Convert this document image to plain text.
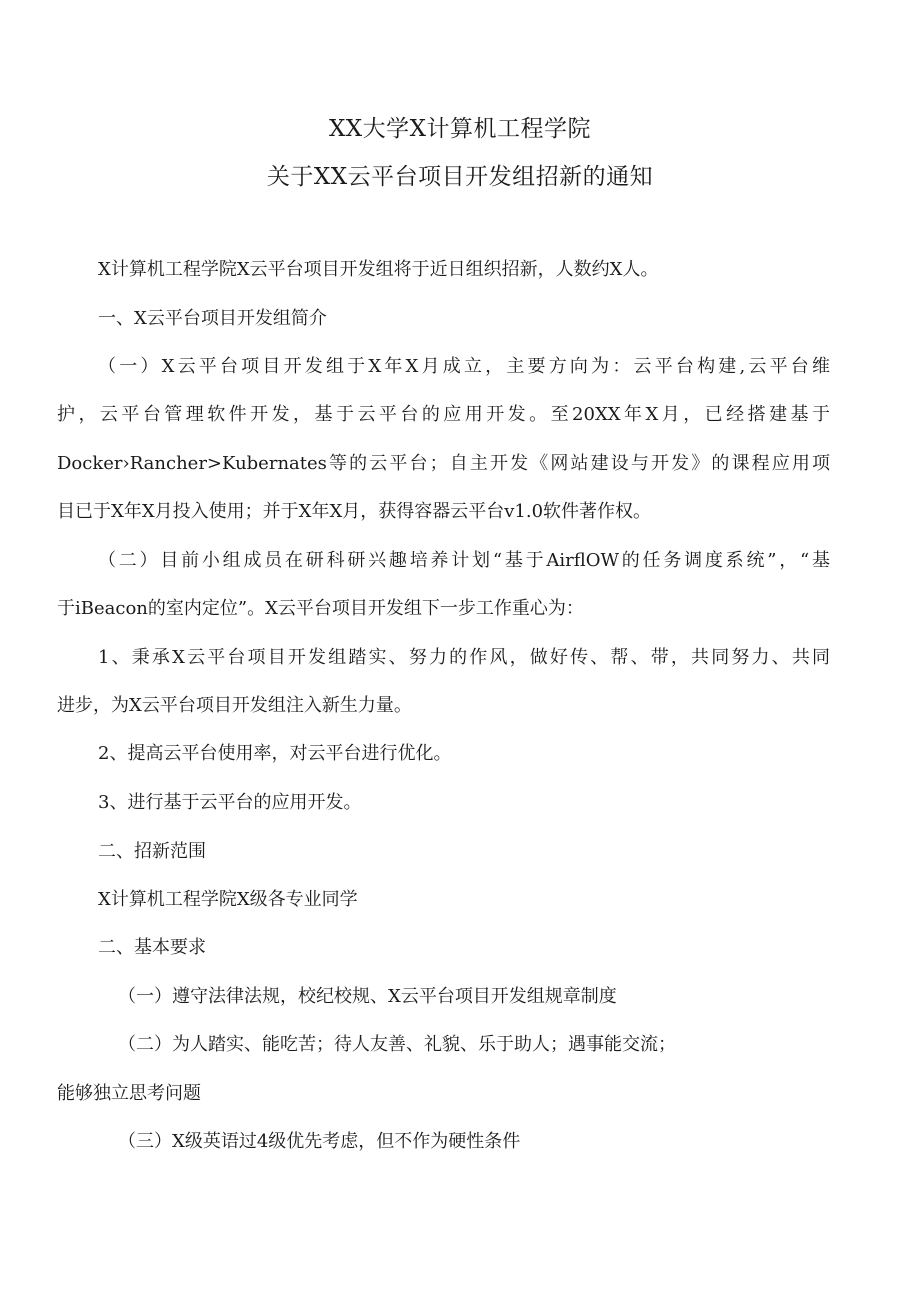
XX大学X计算机工程学院
关于XX云平台项目开发组招新的通知
X计算机工程学院X云平台项目开发组将于近日组织招新，人数约X人。
一、X云平台项目开发组简介
（一）X云平台项目开发组于X年X月成立，主要方向为：云平台构建,云平台维
护，云平台管理软件开发，基于云平台的应用开发。至20XX年X月，已经搭建基于
Docker›Rancher>Kubernates等的云平台；自主开发《网站建设与开发》的课程应用项
目已于X年X月投入使用；并于X年X月，获得容器云平台v1.0软件著作权。
（二）目前小组成员在研科研兴趣培养计划“基于AirflOW的任务调度系统”，“基
于iBeacon的室内定位”。X云平台项目开发组下一步工作重心为：
1、秉承X云平台项目开发组踏实、努力的作风，做好传、帮、带，共同努力、共同
进步，为X云平台项目开发组注入新生力量。
2、提高云平台使用率，对云平台进行优化。
3、进行基于云平台的应用开发。
二、招新范围
X计算机工程学院X级各专业同学
二、基本要求
（一）遵守法律法规，校纪校规、X云平台项目开发组规章制度
（二）为人踏实、能吃苦；待人友善、礼貌、乐于助人；遇事能交流；
能够独立思考问题
（三）X级英语过4级优先考虑，但不作为硬性条件
